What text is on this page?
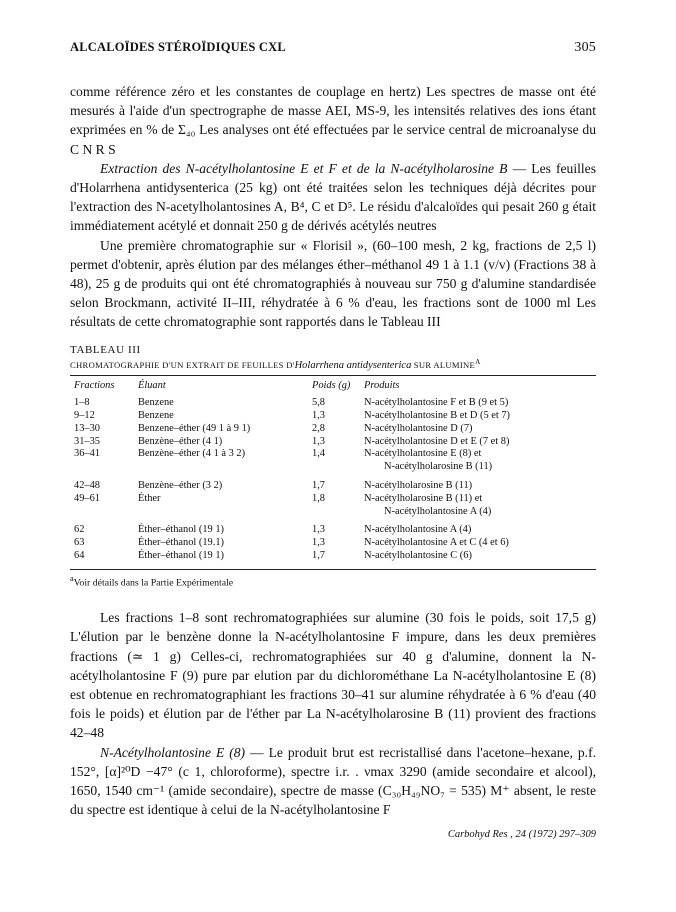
ALCALOÏDES STÉROÏDIQUES CXL	305

comme référence zéro et les constantes de couplage en hertz) Les spectres de masse ont été mesurés à l'aide d'un spectrographe de masse AEI, MS-9, les intensités relatives des ions étant exprimées en % de Σ₄₀ Les analyses ont été effectuées par le service central de microanalyse du C N R S

Extraction des N-acétylholantosine E et F et de la N-acétylholarosine B — Les feuilles d'Holarrhena antidysenterica (25 kg) ont été traitées selon les techniques déjà décrites pour l'extraction des N-acetylholantosines A, B⁴, C et D⁵. Le résidu d'alcaloïdes qui pesait 260 g était immédiatement acétylé et donnait 250 g de dérivés acétylés neutres

Une première chromatographie sur « Florisil », (60–100 mesh, 2 kg, fractions de 2,5 l) permet d'obtenir, après élution par des mélanges éther–méthanol 49 1 à 1.1 (v/v) (Fractions 38 à 48), 25 g de produits qui ont été chromatographiés à nouveau sur 750 g d'alumine standardisée selon Brockmann, activité II–III, réhydratée à 6 % d'eau, les fractions sont de 1000 ml Les résultats de cette chromatographie sont rapportés dans le Tableau III

TABLEAU III
CHROMATOGRAPHIE D'UN EXTRAIT DE FEUILLES D'Holarrhena antidysenterica SUR $ALUMINE^A$
Fractions	Éluant	Poids (g)	Produits
1–8	Benzene	5,8	N-acétylholantosine F et B (9 et 5)

9–12	Benzene	1,3	N-acétylholantosine B et D (5 et 7)

13–30	Benzene–éther (49 1 à 9 1)	2,8	N-acétylholantosine D (7)

31–35	Benzène–éther (4 1)	1,3	N-acétylholantosine D et E (7 et 8)

36–41	Benzène–éther (4 1 à 3 2)	1,4	N-acétylholantosine E (8) et
N-acétylholarosine B (11)

42–48	Benzène–éther (3 2)	1,7	N-acétylholarosine B (11)

49–61	Éther	1,8	N-acétylholarosine B (11) et
N-acétylholantosine A (4)

62	Éther–éthanol (19 1)	1,3	N-acétylholantosine A (4)

63	Éther–éthanol (19.1)	1,3	N-acétylholantosine A et C (4 et 6)

64	Éther–éthanol (19 1)	1,7	N-acétylholantosine C (6)
$^a$Voir détails dans la Partie Expérimentale

Les fractions 1–8 sont rechromatographiées sur alumine (30 fois le poids, soit 17,5 g) L'élution par le benzène donne la N-acétylholantosine F impure, dans les deux premières fractions (≃ 1 g) Celles-ci, rechromatographiées sur 40 g d'alumine, donnent la N-acétylholantosine F (9) pure par elution par du dichlorométhane La N-acétylholantosine E (8) est obtenue en rechromatographiant les fractions 30–41 sur alumine réhydratée à 6 % d'eau (40 fois le poids) et élution par de l'éther par La N-acétylholarosine B (11) provient des fractions 42–48

N-Acétylholantosine E (8) — Le produit brut est recristallisé dans l'acetone–hexane, p.f. 152°, [α]²⁰D −47° (c 1, chloroforme), spectre i.r. . νmax 3290 (amide secondaire et alcool), 1650, 1540 cm⁻¹ (amide secondaire), spectre de masse (C₃₀H₄₉NO₇ = 535) M⁺ absent, le reste du spectre est identique à celui de la N-acétylholantosine F

Carbohyd Res , 24 (1972) 297–309
